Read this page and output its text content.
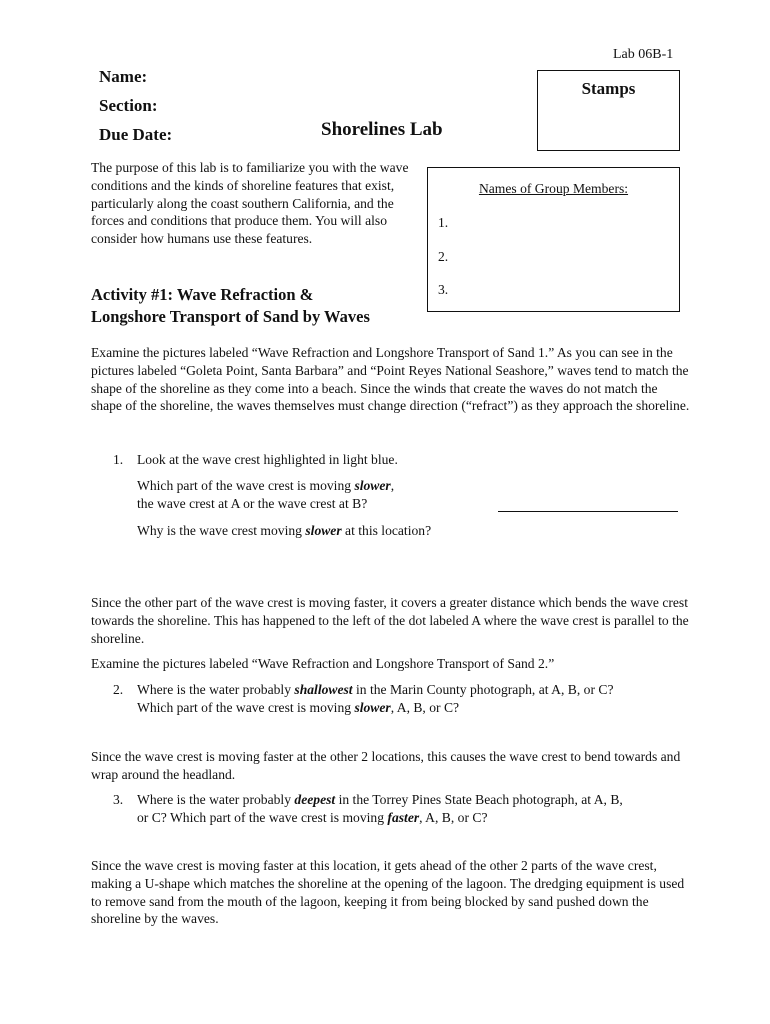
Lab 06B-1
Name:
Section:
Due Date:	Shorelines Lab
Stamps
The purpose of this lab is to familiarize you with the wave conditions and the kinds of shoreline features that exist, particularly along the coast southern California, and the forces and conditions that produce them. You will also consider how humans use these features.
Names of Group Members:
1.
2.
3.
Activity #1: Wave Refraction &
Longshore Transport of Sand by Waves
Examine the pictures labeled “Wave Refraction and Longshore Transport of Sand 1.” As you can see in the pictures labeled “Goleta Point, Santa Barbara” and “Point Reyes National Seashore,” waves tend to match the shape of the shoreline as they come into a beach. Since the winds that create the waves do not match the shape of the shoreline, the waves themselves must change direction (“refract”) as they approach the shoreline.
1. Look at the wave crest highlighted in light blue.
Which part of the wave crest is moving slower,
the wave crest at A or the wave crest at B?
Why is the wave crest moving slower at this location?
Since the other part of the wave crest is moving faster, it covers a greater distance which bends the wave crest towards the shoreline. This has happened to the left of the dot labeled A where the wave crest is parallel to the shoreline.
Examine the pictures labeled “Wave Refraction and Longshore Transport of Sand 2.”
2. Where is the water probably shallowest in the Marin County photograph, at A, B, or C?
Which part of the wave crest is moving slower, A, B, or C?
Since the wave crest is moving faster at the other 2 locations, this causes the wave crest to bend towards and wrap around the headland.
3. Where is the water probably deepest in the Torrey Pines State Beach photograph, at A, B,
or C? Which part of the wave crest is moving faster, A, B, or C?
Since the wave crest is moving faster at this location, it gets ahead of the other 2 parts of the wave crest, making a U-shape which matches the shoreline at the opening of the lagoon. The dredging equipment is used to remove sand from the mouth of the lagoon, keeping it from being blocked by sand pushed down the shoreline by the waves.
